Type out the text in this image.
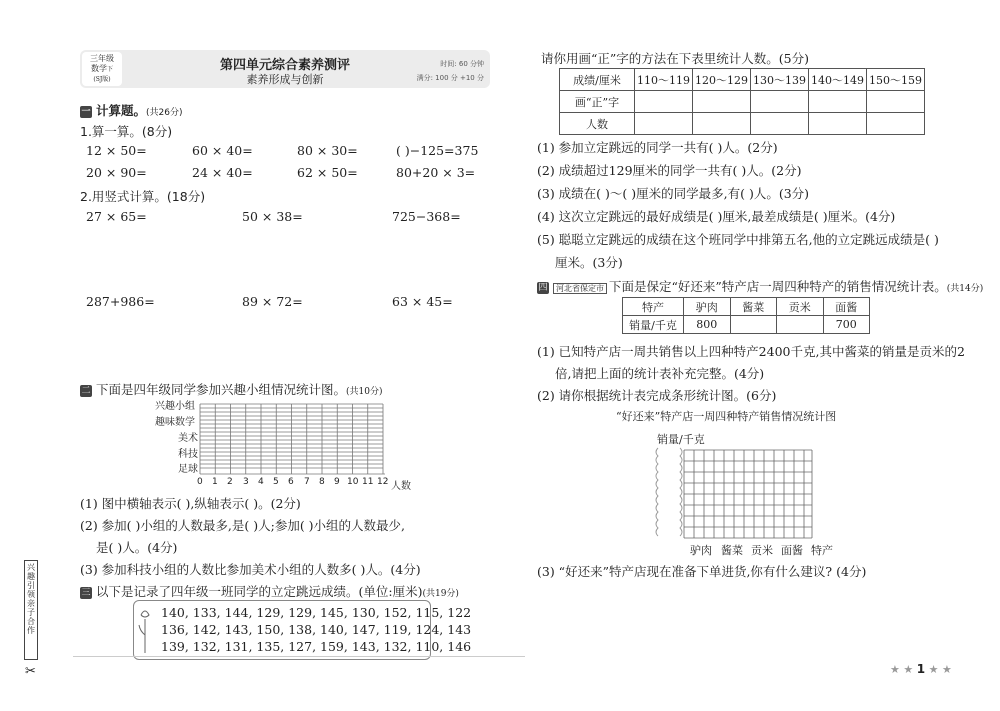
三年级
数学下
(SJ版)
第四单元综合素养测评
素养形成与创新
时间: 60 分钟
满分: 100 分 +10 分
一 计算题。(共26分)
1.算一算。(8分)
12 × 50=	60 × 40=	80 × 30=	( )−125=375
20 × 90=	24 × 40=	62 × 50=	80+20 × 3=
2.用竖式计算。(18分)
27 × 65=	50 × 38=	725−368=
287+986=	89 × 72=	63 × 45=
二 下面是四年级同学参加兴趣小组情况统计图。(共10分)
兴趣小组
趣味数学
美术
科技
足球
0 1 2 3 4 5 6 7 8 9 10 11 12 人数
(1) 图中横轴表示( ),纵轴表示( )。(2分)
(2) 参加( )小组的人数最多,是( )人;参加( )小组的人数最少,
是( )人。(4分)
(3) 参加科技小组的人数比参加美术小组的人数多( )人。(4分)
三 以下是记录了四年级一班同学的立定跳远成绩。(单位:厘米)(共19分)
140, 133, 144, 129, 129, 145, 130, 152, 115, 122
136, 142, 143, 150, 138, 140, 147, 119, 124, 143
139, 132, 131, 135, 127, 159, 143, 132, 110, 146
兴趣引领 亲子合作
✂
请你用画“正”字的方法在下表里统计人数。(5分)
成绩/厘米	110～119	120～129	130～139	140～149	150～159
画“正”字					
人数					
(1) 参加立定跳远的同学一共有( )人。(2分)
(2) 成绩超过129厘米的同学一共有( )人。(2分)
(3) 成绩在( )～( )厘米的同学最多,有( )人。(3分)
(4) 这次立定跳远的最好成绩是( )厘米,最差成绩是( )厘米。(4分)
(5) 聪聪立定跳远的成绩在这个班同学中排第五名,他的立定跳远成绩是( )
厘米。(3分)
四 河北省保定市 下面是保定“好还来”特产店一周四种特产的销售情况统计表。(共14分)
特产	驴肉	酱菜	贡米	面酱
销量/千克	800			700
(1) 已知特产店一周共销售以上四种特产2400千克,其中酱菜的销量是贡米的2
倍,请把上面的统计表补充完整。(4分)
(2) 请你根据统计表完成条形统计图。(6分)
“好还来”特产店一周四种特产销售情况统计图
销量/千克
驴肉 酱菜 贡米 面酱 特产
(3) “好还来”特产店现在准备下单进货,你有什么建议? (4分)
★ ★ 1 ★ ★
